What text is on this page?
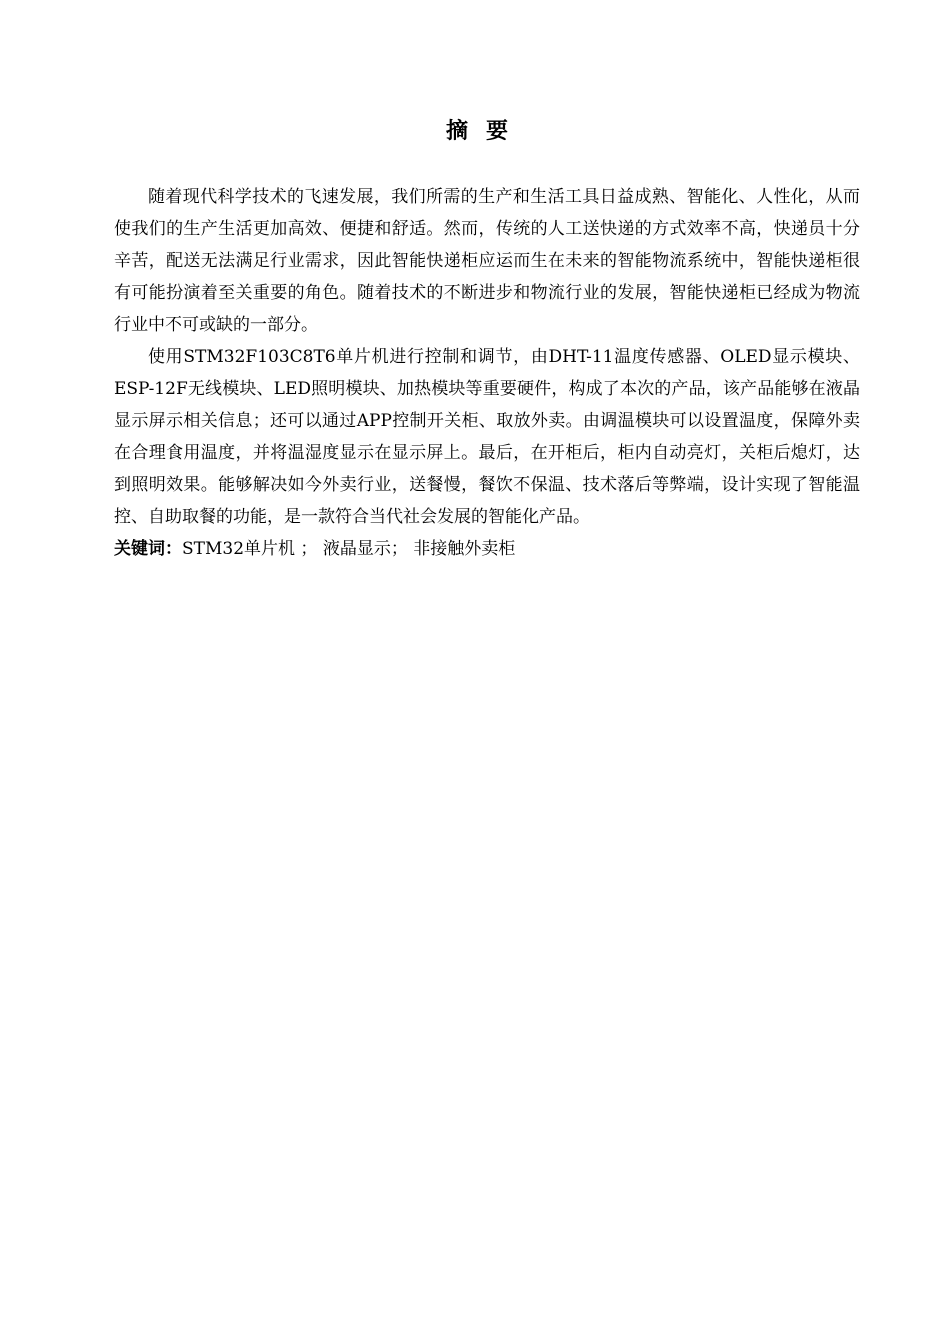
摘要

随着现代科学技术的飞速发展，我们所需的生产和生活工具日益成熟、智能化、人性化，从而使我们的生产生活更加高效、便捷和舒适。然而，传统的人工送快递的方式效率不高，快递员十分辛苦，配送无法满足行业需求，因此智能快递柜应运而生在未来的智能物流系统中，智能快递柜很有可能扮演着至关重要的角色。随着技术的不断进步和物流行业的发展，智能快递柜已经成为物流行业中不可或缺的一部分。

使用STM32F103C8T6单片机进行控制和调节，由DHT-11温度传感器、OLED显示模块、ESP-12F无线模块、LED照明模块、加热模块等重要硬件，构成了本次的产品，该产品能够在液晶显示屏示相关信息；还可以通过APP控制开关柜、取放外卖。由调温模块可以设置温度，保障外卖在合理食用温度，并将温湿度显示在显示屏上。最后，在开柜后，柜内自动亮灯，关柜后熄灯，达到照明效果。能够解决如今外卖行业，送餐慢，餐饮不保温、技术落后等弊端，设计实现了智能温控、自助取餐的功能，是一款符合当代社会发展的智能化产品。

关键词：STM32单片机 ； 液晶显示； 非接触外卖柜
